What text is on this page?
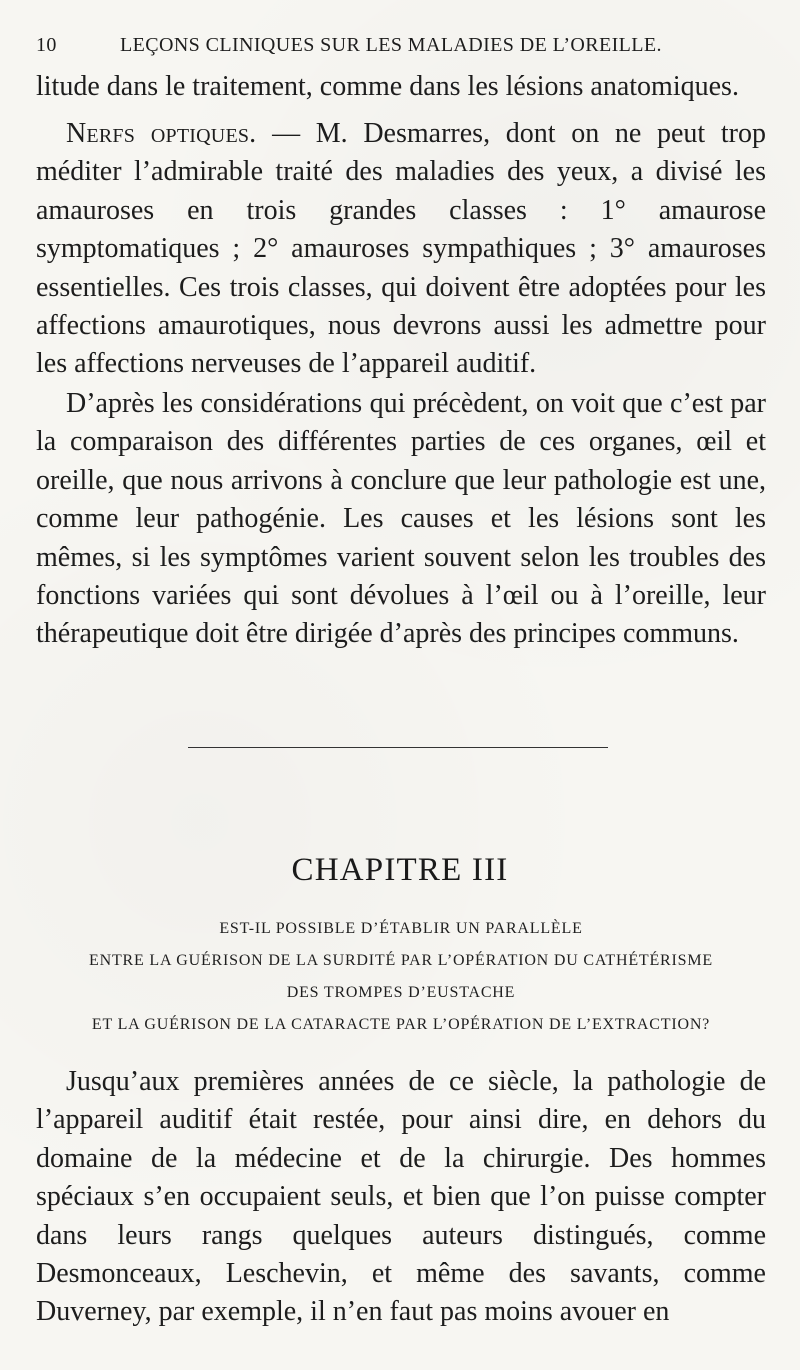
10	LEÇONS CLINIQUES SUR LES MALADIES DE L’OREILLE.
litude dans le traitement, comme dans les lésions anatomiques.
Nerfs optiques. — M. Desmarres, dont on ne peut trop méditer l’admirable traité des maladies des yeux, a divisé les amauroses en trois grandes classes : 1° amaurose symptomatiques ; 2° amauroses sympathiques ; 3° amauroses essentielles. Ces trois classes, qui doivent être adoptées pour les affections amaurotiques, nous devrons aussi les admettre pour les affections nerveuses de l’appareil auditif.
D’après les considérations qui précèdent, on voit que c’est par la comparaison des différentes parties de ces organes, œil et oreille, que nous arrivons à conclure que leur pathologie est une, comme leur pathogénie. Les causes et les lésions sont les mêmes, si les symptômes varient souvent selon les troubles des fonctions variées qui sont dévolues à l’œil ou à l’oreille, leur thérapeutique doit être dirigée d’après des principes communs.
CHAPITRE III
EST-IL POSSIBLE D’ÉTABLIR UN PARALLÈLE
ENTRE LA GUÉRISON DE LA SURDITÉ PAR L’OPÉRATION DU CATHÉTÉRISME
DES TROMPES D’EUSTACHE
ET LA GUÉRISON DE LA CATARACTE PAR L’OPÉRATION DE L’EXTRACTION?
Jusqu’aux premières années de ce siècle, la pathologie de l’appareil auditif était restée, pour ainsi dire, en dehors du domaine de la médecine et de la chirurgie. Des hommes spéciaux s’en occupaient seuls, et bien que l’on puisse compter dans leurs rangs quelques auteurs distingués, comme Desmonceaux, Leschevin, et même des savants, comme Duverney, par exemple, il n’en faut pas moins avouer en
